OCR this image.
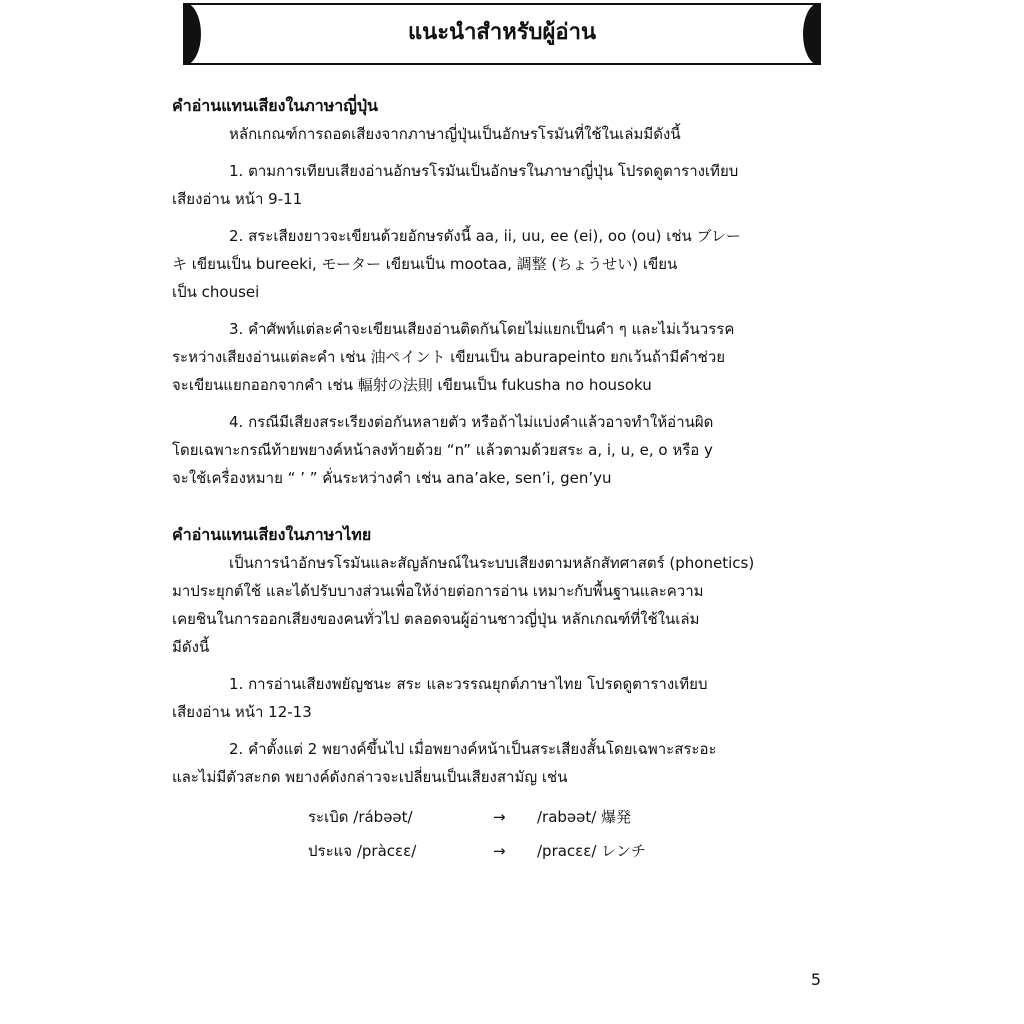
แนะนำสำหรับผู้อ่าน
คำอ่านแทนเสียงในภาษาญี่ปุ่น
หลักเกณฑ์การถอดเสียงจากภาษาญี่ปุ่นเป็นอักษรโรมันที่ใช้ในเล่มมีดังนี้
1. ตามการเทียบเสียงอ่านอักษรโรมันเป็นอักษรในภาษาญี่ปุ่น โปรดดูตารางเทียบ
เสียงอ่าน หน้า 9-11
2. สระเสียงยาวจะเขียนด้วยอักษรดังนี้ aa, ii, uu, ee (ei), oo (ou) เช่น ブレー
キ เขียนเป็น bureeki, モーター เขียนเป็น mootaa, 調整 (ちょうせい) เขียน
เป็น chousei
3. คำศัพท์แต่ละคำจะเขียนเสียงอ่านติดกันโดยไม่แยกเป็นคำ ๆ และไม่เว้นวรรค
ระหว่างเสียงอ่านแต่ละคำ เช่น 油ペイント เขียนเป็น aburapeinto ยกเว้นถ้ามีคำช่วย
จะเขียนแยกออกจากคำ เช่น 輻射の法則 เขียนเป็น fukusha no housoku
4. กรณีมีเสียงสระเรียงต่อกันหลายตัว หรือถ้าไม่แบ่งคำแล้วอาจทำให้อ่านผิด
โดยเฉพาะกรณีท้ายพยางค์หน้าลงท้ายด้วย “n” แล้วตามด้วยสระ a, i, u, e, o หรือ y
จะใช้เครื่องหมาย “ ’ ” คั่นระหว่างคำ เช่น ana’ake, sen’i, gen’yu
คำอ่านแทนเสียงในภาษาไทย
เป็นการนำอักษรโรมันและสัญลักษณ์ในระบบเสียงตามหลักสัทศาสตร์ (phonetics)
มาประยุกต์ใช้ และได้ปรับบางส่วนเพื่อให้ง่ายต่อการอ่าน เหมาะกับพื้นฐานและความ
เคยชินในการออกเสียงของคนทั่วไป ตลอดจนผู้อ่านชาวญี่ปุ่น หลักเกณฑ์ที่ใช้ในเล่ม
มีดังนี้
1. การอ่านเสียงพยัญชนะ สระ และวรรณยุกต์ภาษาไทย โปรดดูตารางเทียบ
เสียงอ่าน หน้า 12-13
2. คำตั้งแต่ 2 พยางค์ขึ้นไป เมื่อพยางค์หน้าเป็นสระเสียงสั้นโดยเฉพาะสระอะ
และไม่มีตัวสะกด พยางค์ดังกล่าวจะเปลี่ยนเป็นเสียงสามัญ เช่น
ระเบิด /rábəət/	→	/rabəət/ 爆発
ประแจ /pràcɛɛ/	→	/pracɛɛ/ レンチ
5
